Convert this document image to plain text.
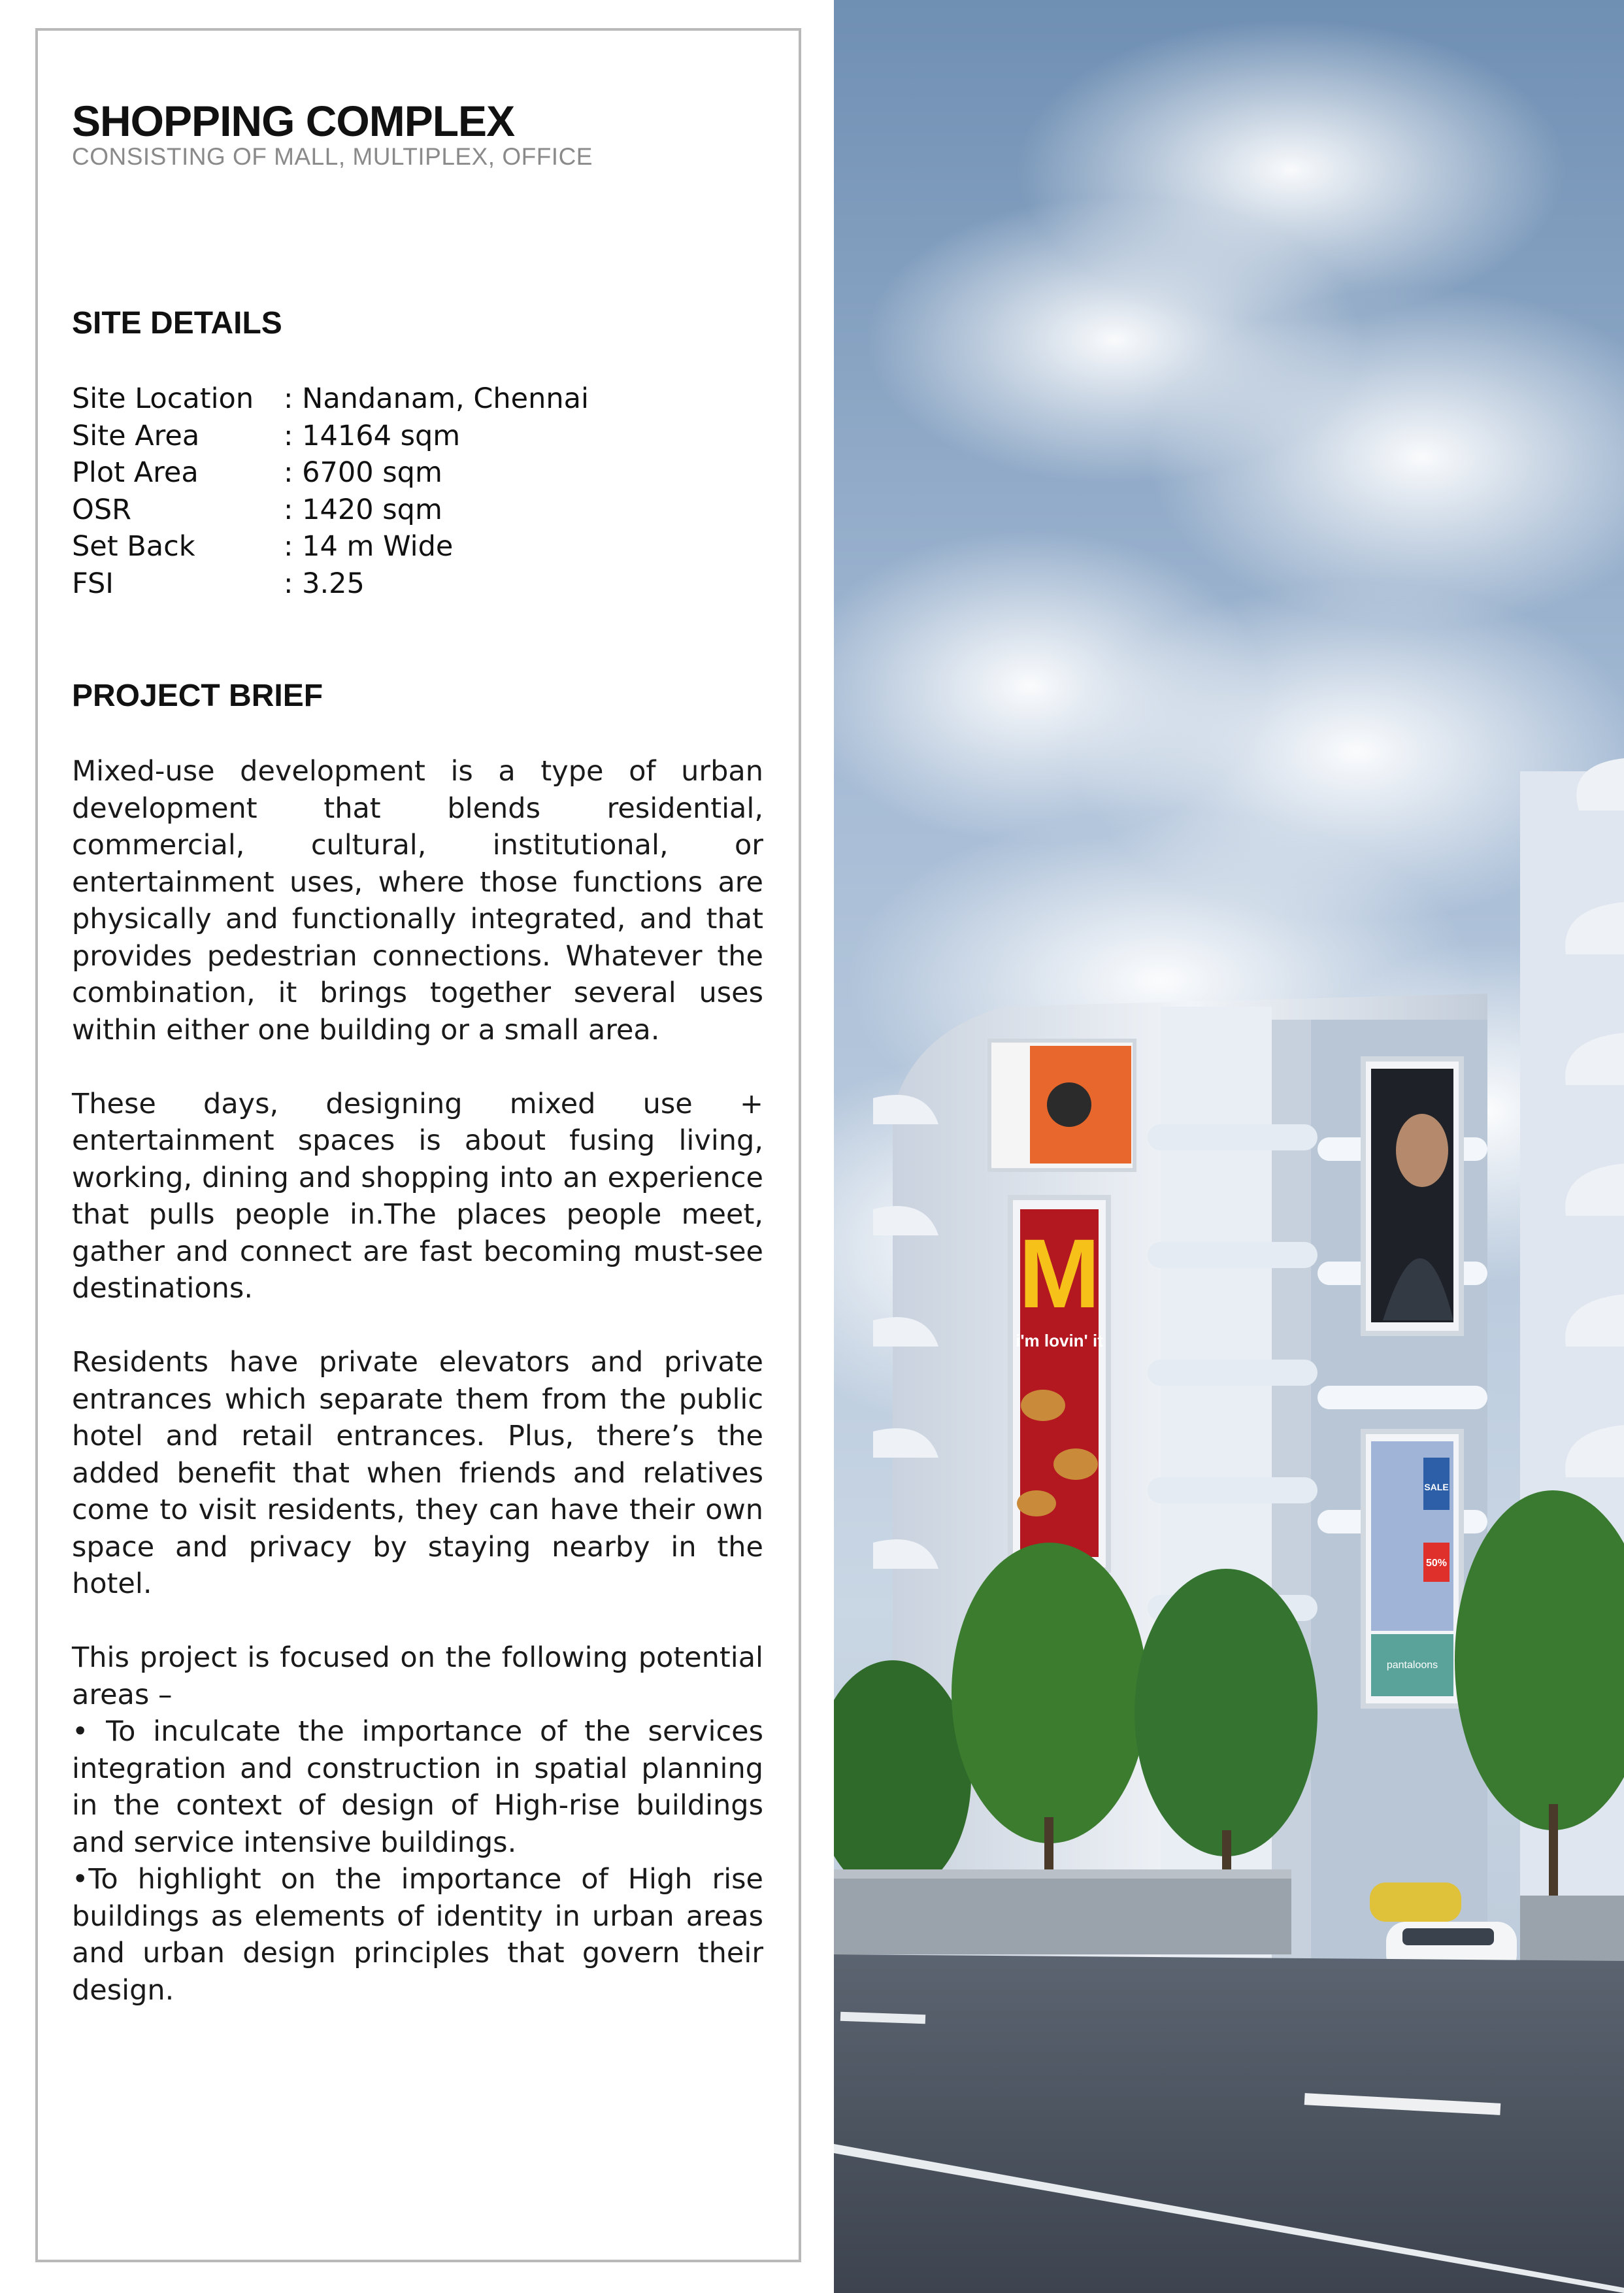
SHOPPING COMPLEX
CONSISTING OF MALL, MULTIPLEX, OFFICE
SITE DETAILS
Site Location	: Nandanam, Chennai
Site Area	: 14164 sqm
Plot Area	: 6700 sqm
OSR	: 1420 sqm
Set Back	: 14 m Wide
FSI	: 3.25
PROJECT BRIEF

Mixed-use development is a type of urban development that blends residential, commercial, cultural, institutional, or entertainment uses, where those functions are physically and functionally integrated, and that provides pedestrian connections. Whatever the combination, it brings together several uses within either one building or a small area.

These days, designing mixed use + entertainment spaces is about fusing living, working, dining and shopping into an experience that pulls people in.The places people meet, gather and connect are fast becoming must-see destinations.

Residents have private elevators and private entrances which separate them from the public hotel and retail entrances. Plus, there’s the added benefit that when friends and relatives come to visit residents, they can have their own space and privacy by staying nearby in the hotel.

This project is focused on the following potential areas –

• To inculcate the importance of the services integration and construction in spatial planning in the context of design of High-rise buildings and service intensive buildings.

•To highlight on the importance of High rise buildings as elements of identity in urban areas and urban design principles that govern their design.

M
i'm lovin' it
SALE
50%
pantaloons
